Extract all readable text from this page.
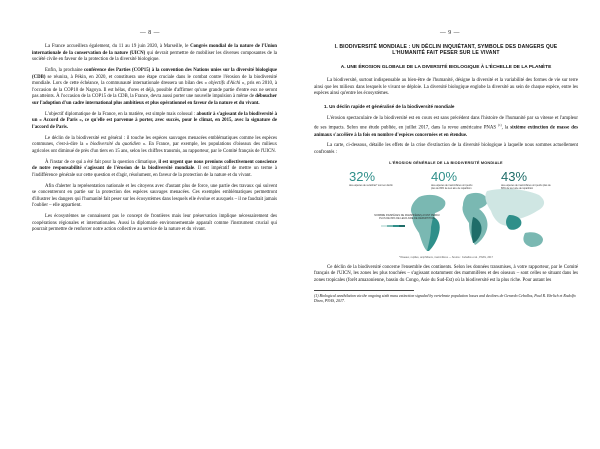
— 8 —

La France accueillera également, du 11 au 19 juin 2020, à Marseille, le Congrès mondial de la nature de l'Union internationale de la conservation de la nature (UICN) qui devrait permettre de mobiliser les diverses composantes de la société civile en faveur de la protection de la diversité biologique.

Enfin, la prochaine conférence des Parties (COP15) à la convention des Nations unies sur la diversité biologique (CDB) se réunira, à Pékin, en 2020, et constituera une étape cruciale dans le combat contre l'érosion de la biodiversité mondiale. Lors de cette échéance, la communauté internationale dressera un bilan des « objectifs d'Aichi », pris en 2010, à l'occasion de la COP10 de Nagoya. Il est hélas, d'ores et déjà, possible d'affirmer qu'une grande partie d'entre eux ne seront pas atteints. À l'occasion de la COP15 de la CDB, la France, devra aussi porter une nouvelle impulsion à même de déboucher sur l'adoption d'un cadre international plus ambitieux et plus opérationnel en faveur de la nature et du vivant.

L'objectif diplomatique de la France, en la matière, est simple mais colossal : aboutir à s'agissant de la biodiversité à un « Accord de Paris », ce qu'elle est parvenue à porter, avec succès, pour le climat, en 2015, avec la signature de l'accord de Paris.

Le déclin de la biodiversité est général : il touche les espèces sauvages menacées emblématiques comme les espèces communes, c'est-à-dire la « biodiversité du quotidien ». En France, par exemple, les populations d'oiseaux des milieux agricoles ont diminué de près d'un tiers en 15 ans, selon les chiffres transmis, au rapporteur, par le Comité français de l'UICN.

À l'instar de ce qui a été fait pour la question climatique, il est urgent que nous prenions collectivement conscience de notre responsabilité s'agissant de l'érosion de la biodiversité mondiale. Il est impératif de mettre un terme à l'indifférence générale sur cette question et d'agir, résolument, en faveur de la protection de la nature et du vivant.

Afin d'alerter la représentation nationale et les citoyens avec d'autant plus de force, une partie des travaux qui suivent se concentreront en partie sur la protection des espèces sauvages menacées. Ces exemples emblématiques permettront d'illustrer les dangers qui l'humanité fait peser sur les écosystèmes dans lesquels elle évolue et auxquels – il ne faudrait jamais l'oublier – elle appartient.

Les écosystèmes ne connaissent pas le concept de frontières mais leur préservation implique nécessairement des coopérations régionales et internationales. Aussi la diplomatie environnementale apparaît comme l'instrument crucial qui pourrait permettre de renforcer notre action collective au service de la nature et du vivant.

— 9 —
I. BIODIVERSITÉ MONDIALE : UN DÉCLIN INQUIÉTANT, SYMBOLE DES DANGERS QUE L'HUMANITÉ FAIT PESER SUR LE VIVANT
A. UNE ÉROSION GLOBALE DE LA DIVERSITÉ BIOLOGIQUE À L'ÉCHELLE DE LA PLANÈTE

La biodiversité, surtout indispensable au bien-être de l'humanité, désigne la diversité et la variabilité des formes de vie sur terre ainsi que les milieux dans lesquels le vivant se déploie. La diversité biologique englobe la diversité au sein de chaque espèce, entre les espèces ainsi qu'entre les écosystèmes.

1. Un déclin rapide et généralisé de la biodiversité mondiale

L'érosion spectaculaire de la biodiversité est en cours est sans précédent dans l'histoire de l'humanité par sa vitesse et l'ampleur de ses impacts. Selon une étude publiée, en juillet 2017, dans la revue américaine PNAS $^{(1)}$, la sixième extinction de masse des animaux s'accélère à la fois en nombre d'espèces concernées et en étendue.

La carte, ci-dessous, détaille les effets de la crise d'extinction de la diversité biologique à laquelle nous sommes actuellement confrontés :

L'ÉROSION GÉNÉRALE DE LA BIODIVERSITÉ MONDIALE
32%
des espèces de vertébrés* sont en déclin
40%
des espèces de mammifères ont perdu plus de 80% de leur aire de répartition
43%
des espèces de mammifères ont perdu plus de 80% de leur aire de répartition
NOMBRE D'ESPÈCES DE MAMMIFÈRES AYANT PERDU PLUS DE 80% DE LEUR AIRE DE RÉPARTITION
*Oiseaux, reptiles, amphibiens, mammifères — Source : Ceballos et al., PNAS, 2017

Ce déclin de la biodiversité concerne l'ensemble des continents. Selon les données transmises, à votre rapporteur, par le Comité français de l'UICN, les zones les plus touchées – s'agissant notamment des mammifères et des oiseaux – sont celles se situant dans les zones tropicales (forêt amazonienne, bassin du Congo, Asie du Sud-Est) où la biodiversité est la plus riche. Pour autant les

(1) Biological annihilation via the ongoing sixth mass extinction signaled by vertebrate population losses and declines de Gerardo Ceballos, Paul R. Ehrlich et Rodolfo Dirzo, PNAS, 2017.
